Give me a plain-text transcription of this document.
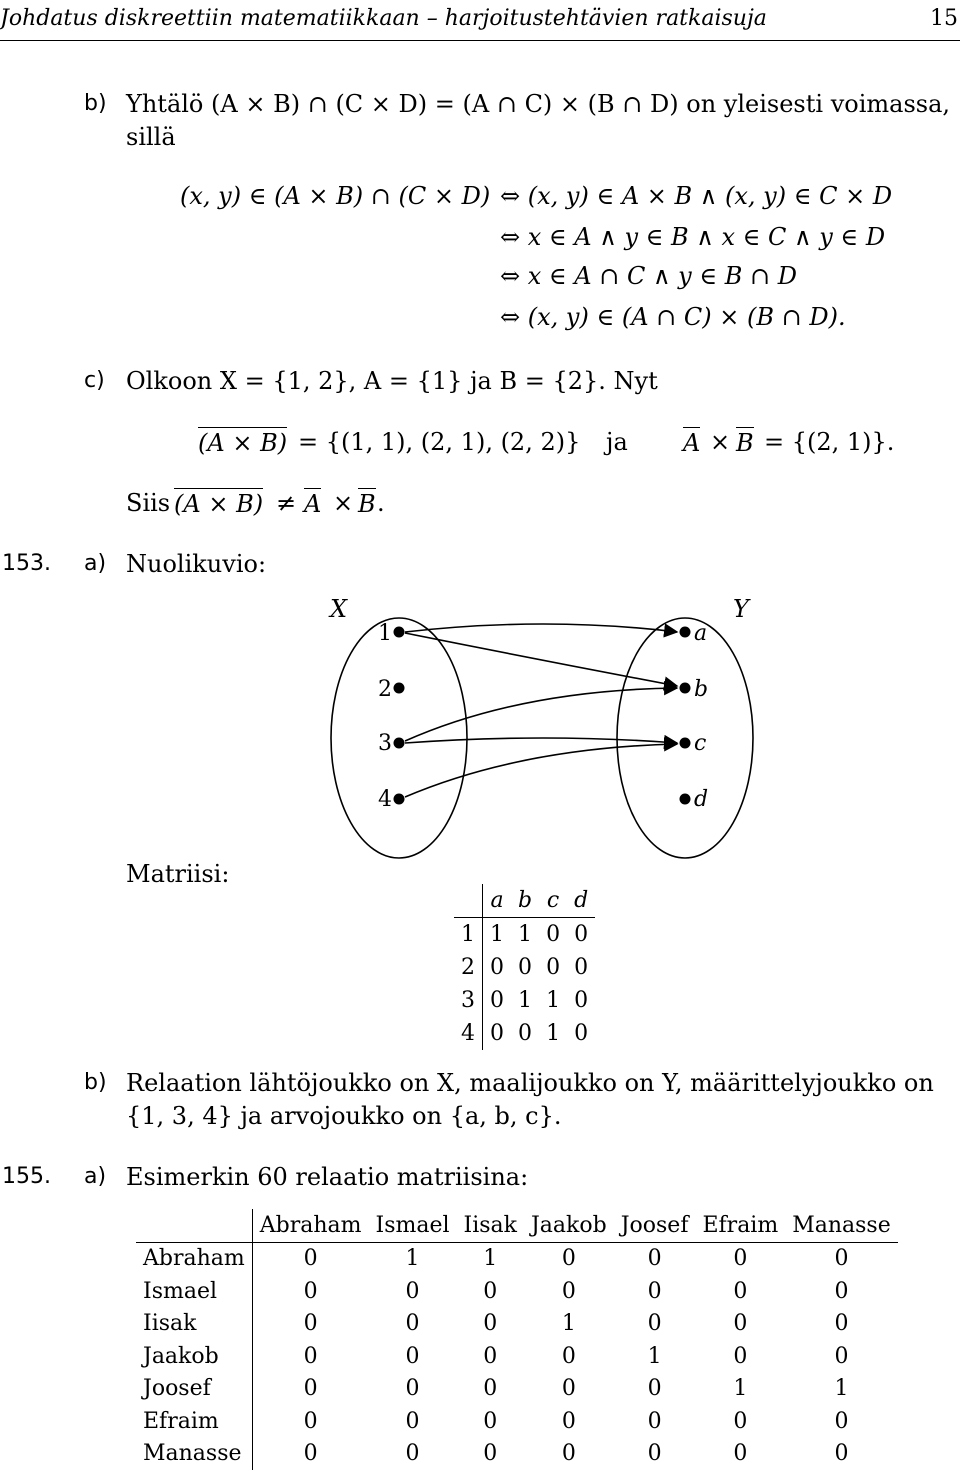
Johdatus diskreettiin matematiikkaan – harjoitustehtävien ratkaisuja	15
b) Yhtälö (A × B) ∩ (C × D) = (A ∩ C) × (B ∩ D) on yleisesti voimassa,
sillä
(x, y) ∈ (A × B) ∩ (C × D) ⇔ (x, y) ∈ A × B ∧ (x, y) ∈ C × D
⇔ x ∈ A ∧ y ∈ B ∧ x ∈ C ∧ y ∈ D
⇔ x ∈ A ∩ C ∧ y ∈ B ∩ D
⇔ (x, y) ∈ (A ∩ C) × (B ∩ D).
c) Olkoon X = {1, 2}, A = {1} ja B = {2}. Nyt
(A × B) = {(1, 1), (2, 1), (2, 2)} ja A × B = {(2, 1)}.
Siis (A × B) ≠ A × B .
153. a) Nuolikuvio:
X	Y
1
2
3
4
a
b
c
d
Matriisi:
	a	b	c	d
1	1	1	0	0
2	0	0	0	0
3	0	1	1	0
4	0	0	1	0
b) Relaation lähtöjoukko on X, maalijoukko on Y, määrittelyjoukko on
{1, 3, 4} ja arvojoukko on {a, b, c}.
155. a) Esimerkin 60 relaatio matriisina:
	Abraham	Ismael	Iisak	Jaakob	Joosef	Efraim	Manasse
Abraham	0	1	1	0	0	0	0
Ismael	0	0	0	0	0	0	0
Iisak	0	0	0	1	0	0	0
Jaakob	0	0	0	0	1	0	0
Joosef	0	0	0	0	0	1	1
Efraim	0	0	0	0	0	0	0
Manasse	0	0	0	0	0	0	0
